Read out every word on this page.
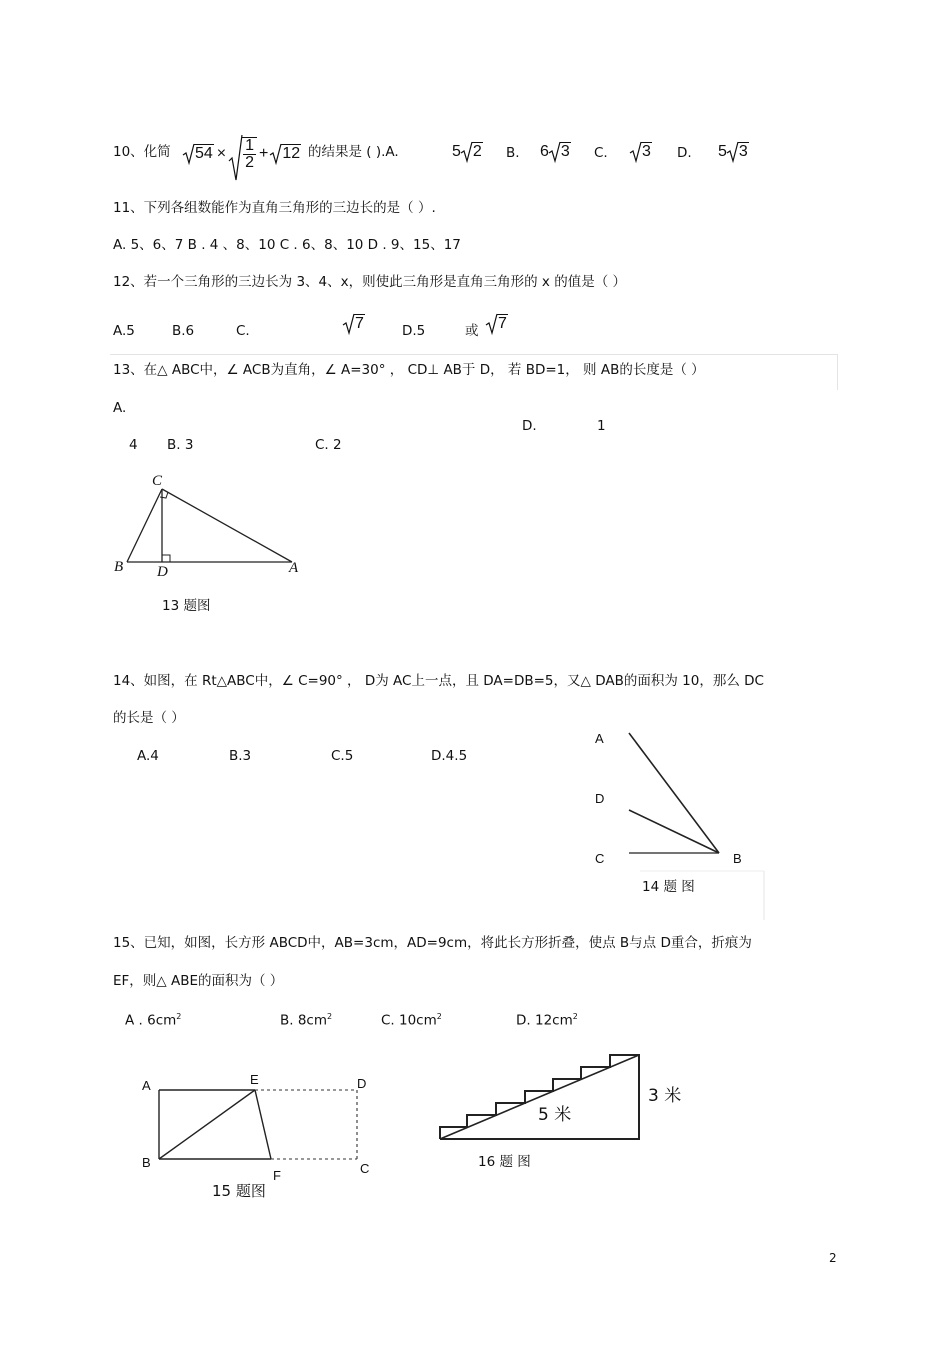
10、化简	$54 \times \frac{1}{2} + 12$ 的结果是 ( ).A.	5 2 B. 6 3 C.	3 D. 5 3
11、下列各组数能作为直角三角形的三边长的是（ ）.
A. 5、6、7 B . 4 、8、10 C . 6、8、10 D . 9、15、17
12、若一个三角形的三边长为 3、4、x，则使此三角形是直角三角形的 x 的值是（ ）
A.5	B.6	C.	7	D.5	或	7
13、在△ ABC中，∠ ACB为直角，∠ A=30° ， CD⊥ AB于 D， 若 BD=1， 则 AB的长度是（ ）
A.
D.	1
4 B. 3	C. 2
C
B D	A
13 题图
14、如图，在 Rt△ABC中，∠ C=90° ， D为 AC上一点，且 DA=DB=5，又△ DAB的面积为 10，那么 DC
的长是（ ）
A.4	B.3	C.5	D.4.5
A
D
C	B
14 题 图
15、已知，如图，长方形 ABCD中，AB=3cm，AD=9cm，将此长方形折叠，使点 B与点 D重合，折痕为
EF，则△ ABE的面积为（ ）
A . $6cm^2$	B. $8cm^2$	C. $10cm^2$	D. $12cm^2$
A	E	D
B
F	C
15 题图
5 米
3 米
16 题 图
2
